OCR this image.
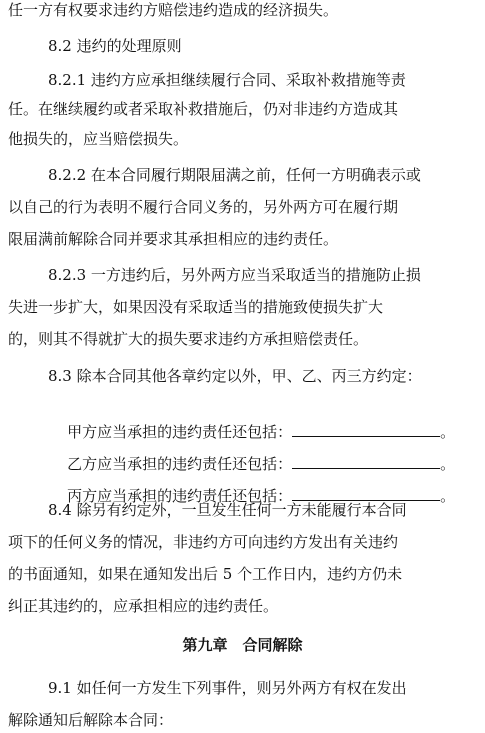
任一方有权要求违约方赔偿违约造成的经济损失。
8.2 违约的处理原则
8.2.1 违约方应承担继续履行合同、采取补救措施等责
任。在继续履约或者采取补救措施后，仍对非违约方造成其
他损失的，应当赔偿损失。
8.2.2 在本合同履行期限届满之前，任何一方明确表示或
以自己的行为表明不履行合同义务的，另外两方可在履行期
限届满前解除合同并要求其承担相应的违约责任。
8.2.3 一方违约后，另外两方应当采取适当的措施防止损
失进一步扩大，如果因没有采取适当的措施致使损失扩大
的，则其不得就扩大的损失要求违约方承担赔偿责任。
8.3 除本合同其他各章约定以外，甲、乙、丙三方约定：

甲方应当承担的违约责任还包括：	。

乙方应当承担的违约责任还包括：	。

丙方应当承担的违约责任还包括：	。

8.4 除另有约定外，一旦发生任何一方未能履行本合同
项下的任何义务的情况，非违约方可向违约方发出有关违约
的书面通知，如果在通知发出后 5 个工作日内，违约方仍未
纠正其违约的，应承担相应的违约责任。
第九章　合同解除
9.1 如任何一方发生下列事件，则另外两方有权在发出
解除通知后解除本合同：
